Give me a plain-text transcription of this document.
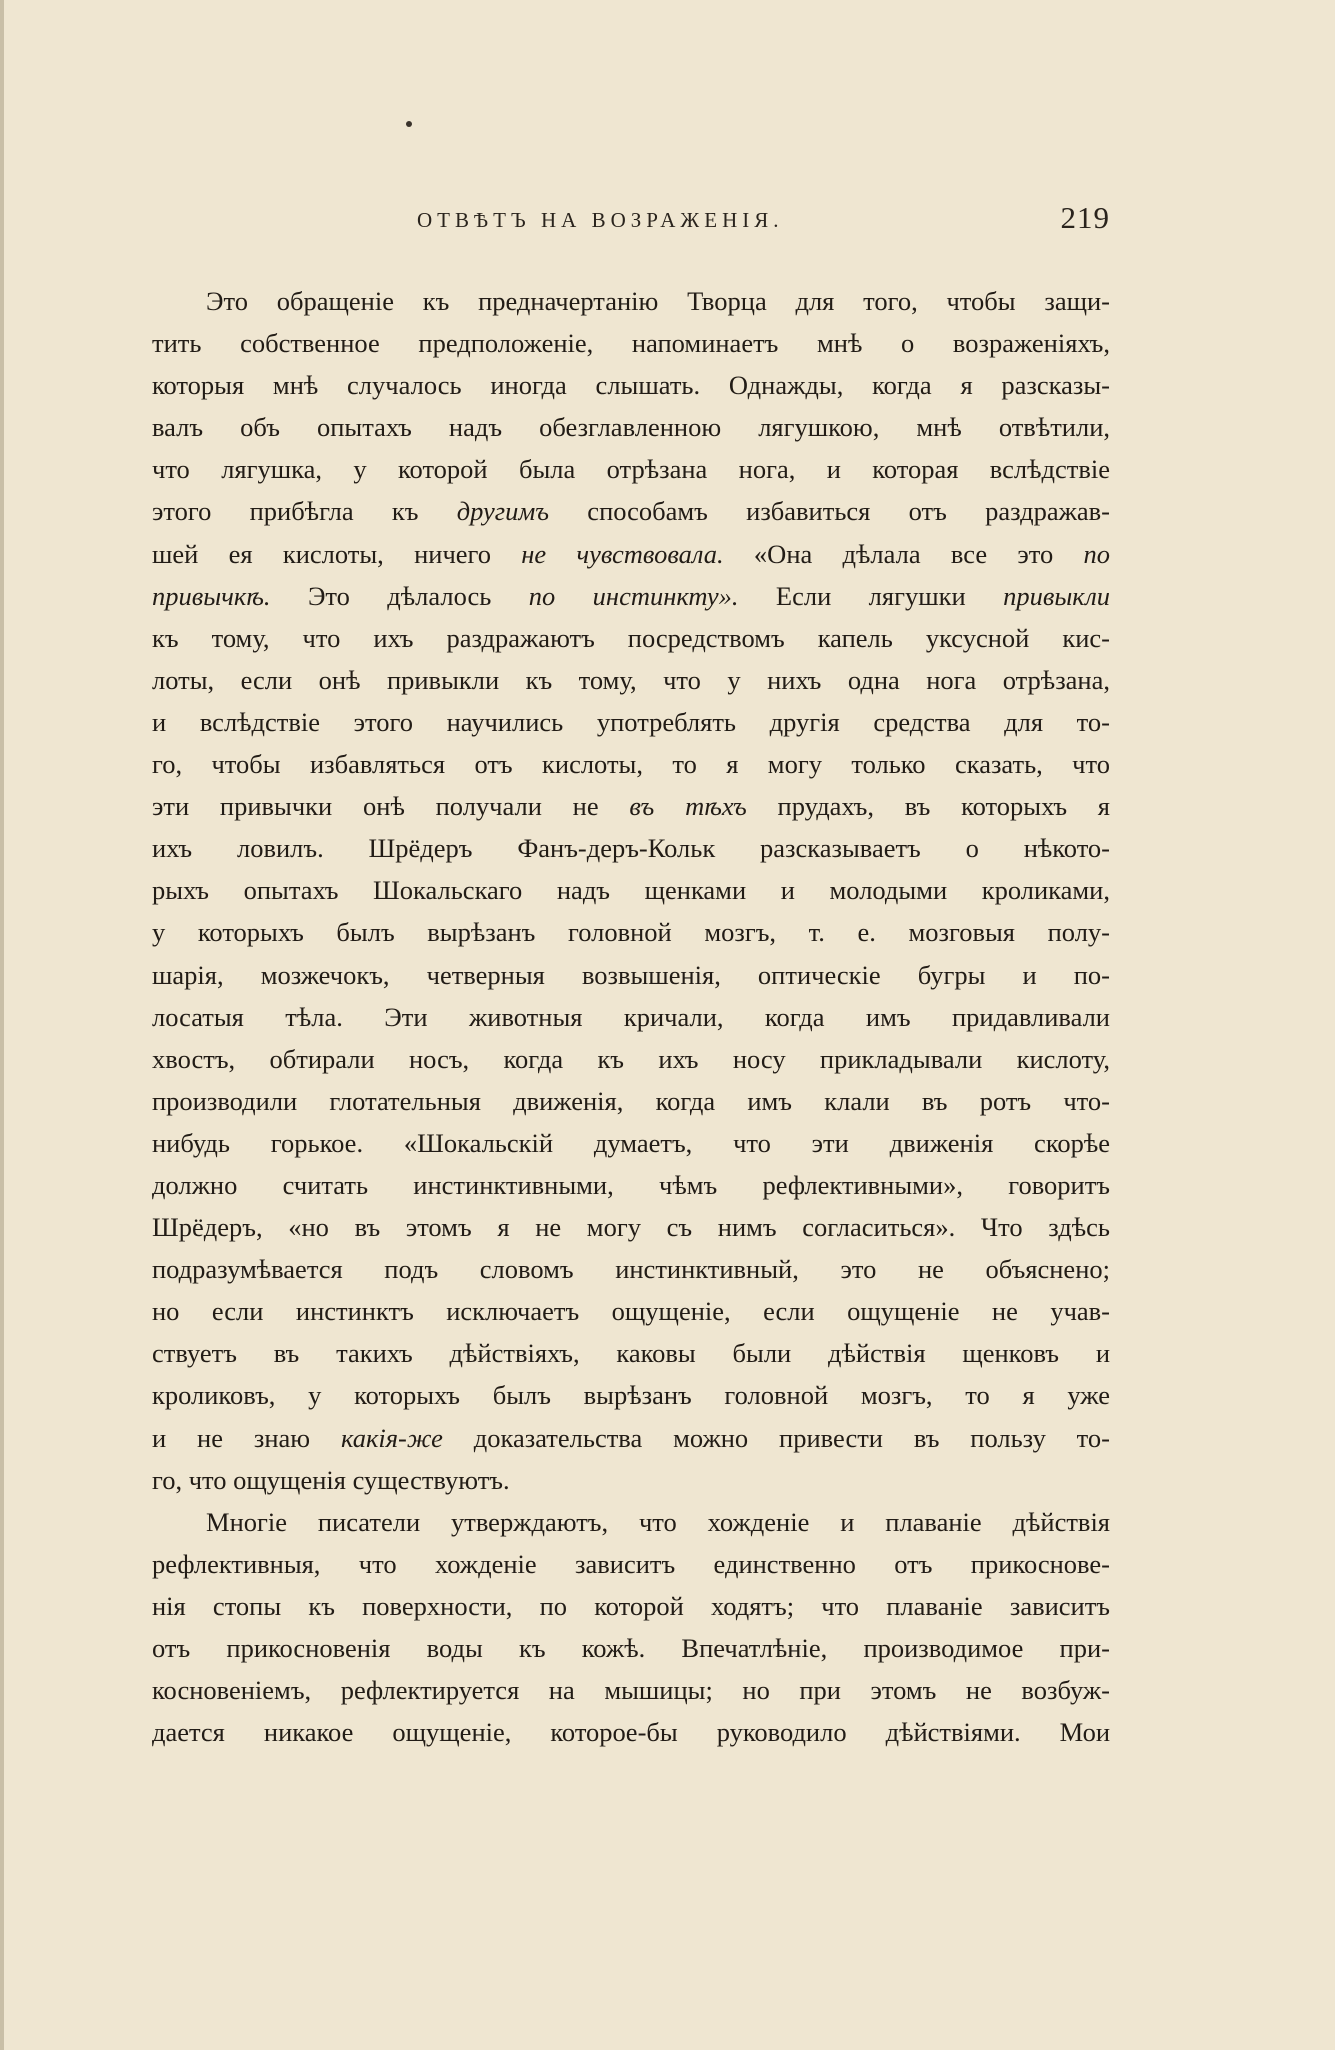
ОТВѢТЪ НА ВОЗРАЖЕНІЯ.	219
Это обращеніе къ предначертанію Творца для того, чтобы защи-
тить собственное предположеніе, напоминаетъ мнѣ о возраженіяхъ,
которыя мнѣ случалось иногда слышать. Однажды, когда я разсказы-
валъ объ опытахъ надъ обезглавленною лягушкою, мнѣ отвѣтили,
что лягушка, у которой была отрѣзана нога, и которая вслѣдствіе
этого прибѣгла къ другимъ способамъ избавиться отъ раздражав-
шей ея кислоты, ничего не чувствовала. «Она дѣлала все это по
привычкѣ. Это дѣлалось по инстинкту». Если лягушки привыкли
къ тому, что ихъ раздражаютъ посредствомъ капель уксусной кис-
лоты, если онѣ привыкли къ тому, что у нихъ одна нога отрѣзана,
и вслѣдствіе этого научились употреблять другія средства для то-
го, чтобы избавляться отъ кислоты, то я могу только сказать, что
эти привычки онѣ получали не въ тѣхъ прудахъ, въ которыхъ я
ихъ ловилъ. Шрёдеръ Фанъ-деръ-Кольк разсказываетъ о нѣкото-
рыхъ опытахъ Шокальскаго надъ щенками и молодыми кроликами,
у которыхъ былъ вырѣзанъ головной мозгъ, т. е. мозговыя полу-
шарія, мозжечокъ, четверныя возвышенія, оптическіе бугры и по-
лосатыя тѣла. Эти животныя кричали, когда имъ придавливали
хвостъ, обтирали носъ, когда къ ихъ носу прикладывали кислоту,
производили глотательныя движенія, когда имъ клали въ ротъ что-
нибудь горькое. «Шокальскій думаетъ, что эти движенія скорѣе
должно считать инстинктивными, чѣмъ рефлективными», говоритъ
Шрёдеръ, «но въ этомъ я не могу съ нимъ согласиться». Что здѣсь
подразумѣвается подъ словомъ инстинктивный, это не объяснено;
но если инстинктъ исключаетъ ощущеніе, если ощущеніе не учав-
ствуетъ въ такихъ дѣйствіяхъ, каковы были дѣйствія щенковъ и
кроликовъ, у которыхъ былъ вырѣзанъ головной мозгъ, то я уже
и не знаю какія-же доказательства можно привести въ пользу то-
го, что ощущенія существуютъ.
Многіе писатели утверждаютъ, что хожденіе и плаваніе дѣйствія
рефлективныя, что хожденіе зависитъ единственно отъ прикоснове-
нія стопы къ поверхности, по которой ходятъ; что плаваніе зависитъ
отъ прикосновенія воды къ кожѣ. Впечатлѣніе, производимое при-
косновеніемъ, рефлектируется на мышицы; но при этомъ не возбуж-
дается никакое ощущеніе, котороe-бы руководило дѣйствіями. Мои
